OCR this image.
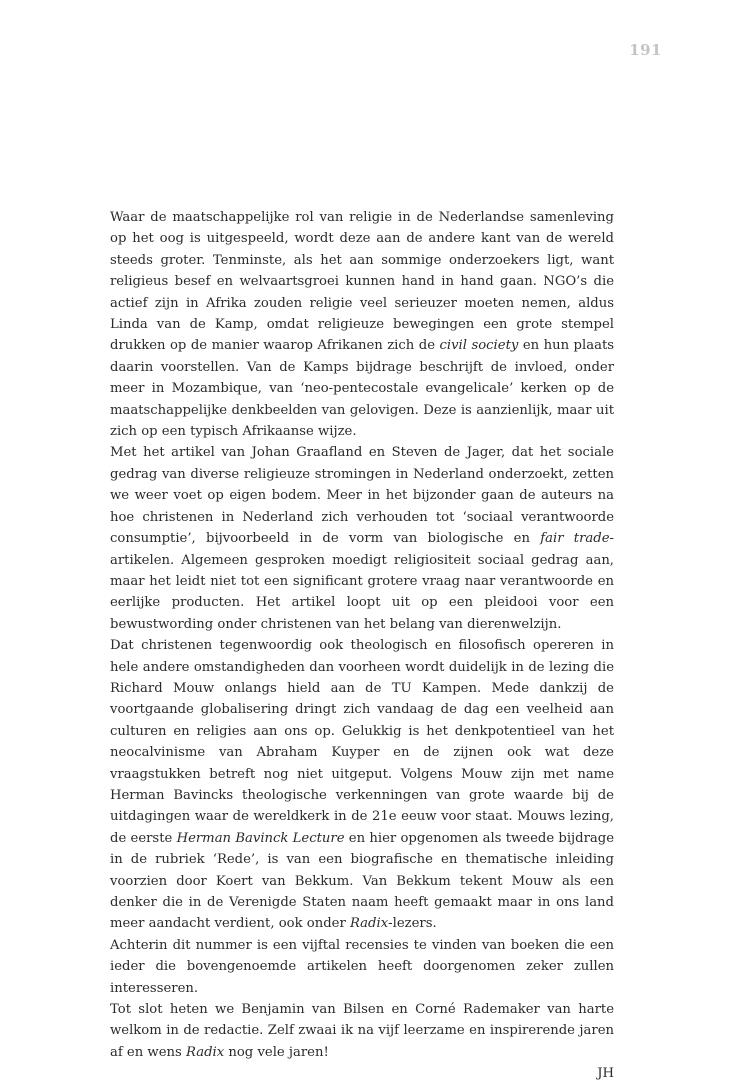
191

Waar de maatschappelijke rol van religie in de Nederlandse samenleving op het oog is uitgespeeld, wordt deze aan de andere kant van de wereld steeds groter. Tenminste, als het aan sommige onderzoekers ligt, want religieus besef en welvaartsgroei kunnen hand in hand gaan. NGO’s die actief zijn in Afrika zouden religie veel serieuzer moeten nemen, aldus Linda van de Kamp, omdat religieuze bewegingen een grote stempel drukken op de manier waarop Afrikanen zich de civil society en hun plaats daarin voorstellen. Van de Kamps bijdrage beschrijft de invloed, onder meer in Mozambique, van ‘neo-pentecostale evangelicale’ kerken op de maatschappelijke denkbeelden van gelovigen. Deze is aanzienlijk, maar uit zich op een typisch Afrikaanse wijze.

Met het artikel van Johan Graafland en Steven de Jager, dat het sociale gedrag van diverse religieuze stromingen in Nederland onderzoekt, zetten we weer voet op eigen bodem. Meer in het bijzonder gaan de auteurs na hoe christenen in Nederland zich verhouden tot ‘sociaal verantwoorde consumptie’, bijvoorbeeld in de vorm van biologische en fair trade-artikelen. Algemeen gesproken moedigt religiositeit sociaal gedrag aan, maar het leidt niet tot een significant grotere vraag naar verantwoorde en eerlijke producten. Het artikel loopt uit op een pleidooi voor een bewustwording onder christenen van het belang van dierenwelzijn.

Dat christenen tegenwoordig ook theologisch en filosofisch opereren in hele andere omstandigheden dan voorheen wordt duidelijk in de lezing die Richard Mouw onlangs hield aan de TU Kampen. Mede dankzij de voortgaande globalisering dringt zich vandaag de dag een veelheid aan culturen en religies aan ons op. Gelukkig is het denkpotentieel van het neocalvinisme van Abraham Kuyper en de zijnen ook wat deze vraagstukken betreft nog niet uitgeput. Volgens Mouw zijn met name Herman Bavincks theologische verkenningen van grote waarde bij de uitdagingen waar de wereldkerk in de 21e eeuw voor staat. Mouws lezing, de eerste Herman Bavinck Lecture en hier opgenomen als tweede bijdrage in de rubriek ‘Rede’, is van een biografische en thematische inleiding voorzien door Koert van Bekkum. Van Bekkum tekent Mouw als een denker die in de Verenigde Staten naam heeft gemaakt maar in ons land meer aandacht verdient, ook onder Radix-lezers.

Achterin dit nummer is een vijftal recensies te vinden van boeken die een ieder die bovengenoemde artikelen heeft doorgenomen zeker zullen interesseren.

Tot slot heten we Benjamin van Bilsen en Corné Rademaker van harte welkom in de redactie. Zelf zwaai ik na vijf leerzame en inspirerende jaren af en wens Radix nog vele jaren!

JH
